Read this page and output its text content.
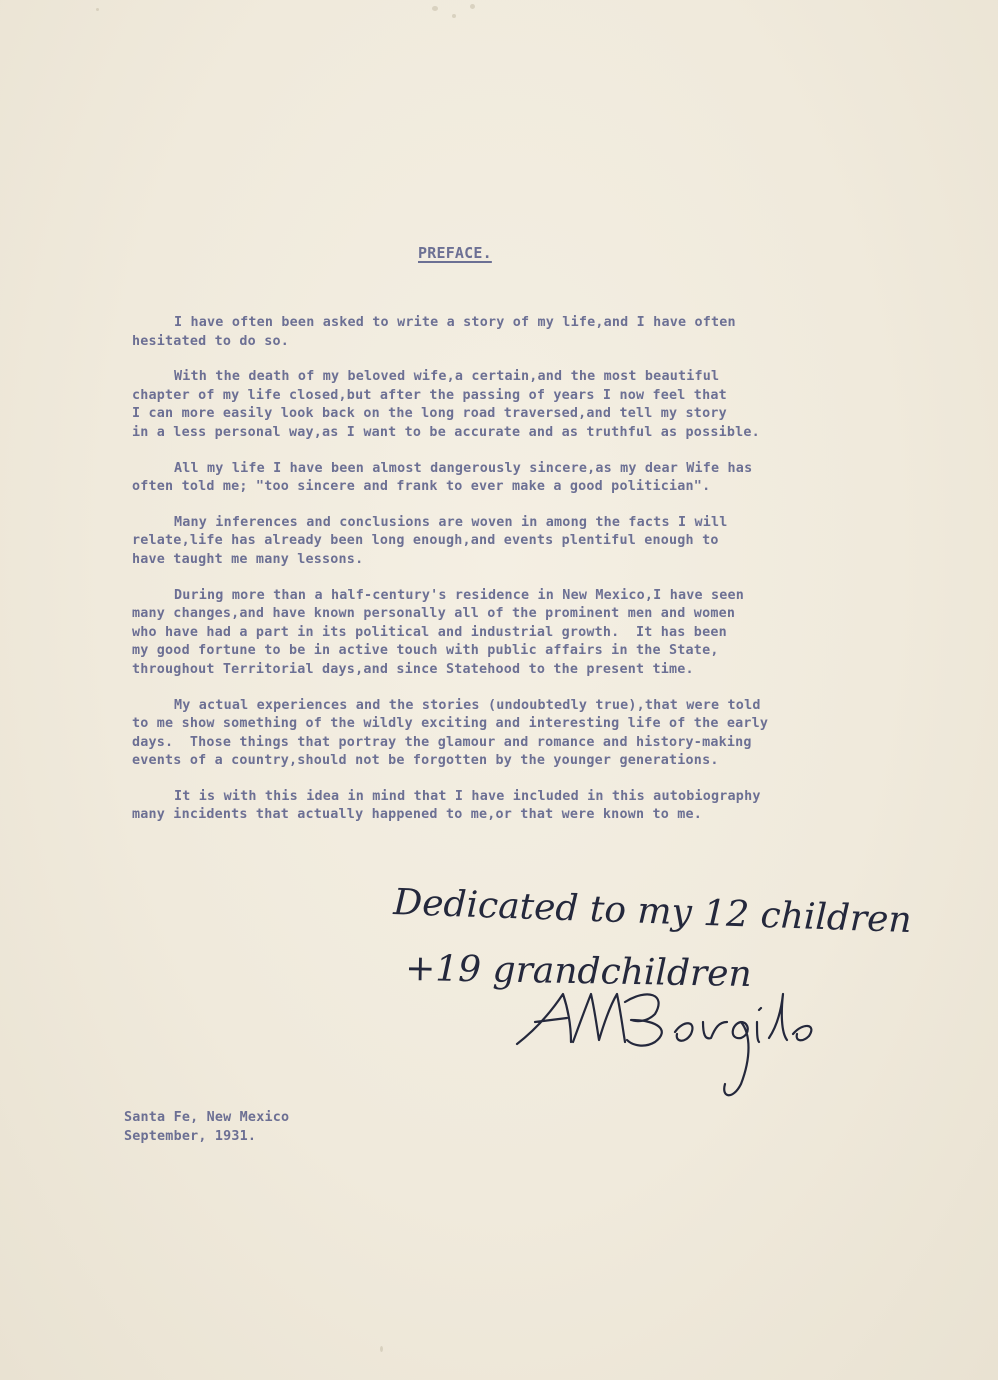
PREFACE.

I have often been asked to write a story of my life,and I have often
hesitated to do so.

With the death of my beloved wife,a certain,and the most beautiful
chapter of my life closed,but after the passing of years I now feel that
I can more easily look back on the long road traversed,and tell my story
in a less personal way,as I want to be accurate and as truthful as possible.

All my life I have been almost dangerously sincere,as my dear Wife has
often told me; "too sincere and frank to ever make a good politician".

Many inferences and conclusions are woven in among the facts I will
relate,life has already been long enough,and events plentiful enough to
have taught me many lessons.

During more than a half-century's residence in New Mexico,I have seen
many changes,and have known personally all of the prominent men and women
who have had a part in its political and industrial growth.  It has been
my good fortune to be in active touch with public affairs in the State,
throughout Territorial days,and since Statehood to the present time.

My actual experiences and the stories (undoubtedly true),that were told
to me show something of the wildly exciting and interesting life of the early
days.  Those things that portray the glamour and romance and history-making
events of a country,should not be forgotten by the younger generations.

It is with this idea in mind that I have included in this autobiography
many incidents that actually happened to me,or that were known to me.

Dedicated to my 12 children
+19 grandchildren
AMBergère
Santa Fe, New Mexico
September, 1931.
